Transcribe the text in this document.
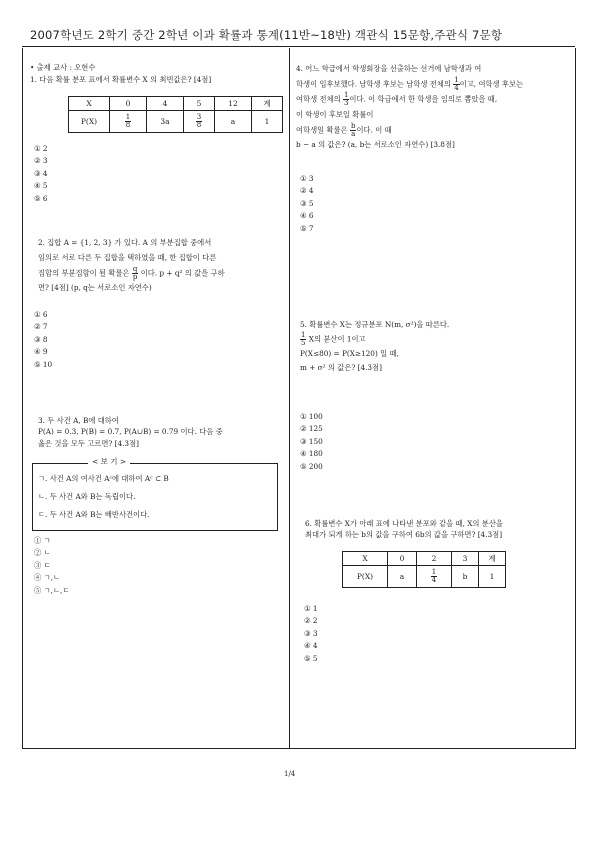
2007학년도 2학기 중간 2학년 이과 확률과 통계(11반~18반) 객관식 15문항,주관식 7문항
• 출제 교사 : 오현수

1. 다음 확률 분포 표에서 확률변수 X 의 최빈값은? [4점]

X	0	4	5	12	계
P(X)	$\frac{1}{8}$	3a	$\frac{3}{8}$	a	1
① 2
② 3
③ 4
④ 5
⑤ 6

2. 집합 A = {1, 2, 3} 가 있다. A 의 부분집합 중에서

임의로 서로 다른 두 집합을 택하였을 때, 한 집합이 다른

집합의 부분집합이 될 확률은 $\frac{q}{p}$ 이다. p + q² 의 값을 구하

면? [4점] (p, q는 서로소인 자연수)

① 6
② 7
③ 8
④ 9
⑤ 10

3. 두 사건 A, B에 대하여

P(A) = 0.3, P(B) = 0.7, P(A∪B) = 0.79 이다. 다음 중

옳은 것을 모두 고르면? [4.3점]

< 보 기 >
ㄱ. 사건 A의 여사건 Aᶜ에 대하여 Aᶜ ⊂ B
ㄴ. 두 사건 A와 B는 독립이다.
ㄷ. 두 사건 A와 B는 배반사건이다.
① ㄱ
② ㄴ
③ ㄷ
④ ㄱ,ㄴ
⑤ ㄱ,ㄴ,ㄷ

4. 어느 학급에서 학생회장을 선출하는 선거에 남학생과 여

학생이 입후보했다. 남학생 후보는 남학생 전체의 $\frac{1}{4}$ 이고, 여학생 후보는

여학생 전체의 $\frac{1}{3}$ 이다. 이 학급에서 한 학생을 임의로 뽑았을 때,

이 학생이 후보일 확률이

여학생일 확률은 $\frac{b}{a}$ 이다. 이 때

b − a 의 값은? (a, b는 서로소인 자연수) [3.8점]

① 3
② 4
③ 5
④ 6
⑤ 7

5. 확률변수 X는 정규분포 N(m, σ²)을 따른다.

$\frac{1}{5}$ X의 분산이 1이고

P(X≤80) = P(X≥120) 일 때,

m + σ² 의 값은? [4.3점]

① 100
② 125
③ 150
④ 180
⑤ 200

6. 확률변수 X가 아래 표에 나타낸 분포와 같을 때, X의 분산을

최대가 되게 하는 b의 값을 구하여 6b의 값을 구하면? [4.3점]

X	0	2	3	계
P(X)	a	$\frac{1}{4}$	b	1
① 1
② 2
③ 3
④ 4
⑤ 5
1/4
